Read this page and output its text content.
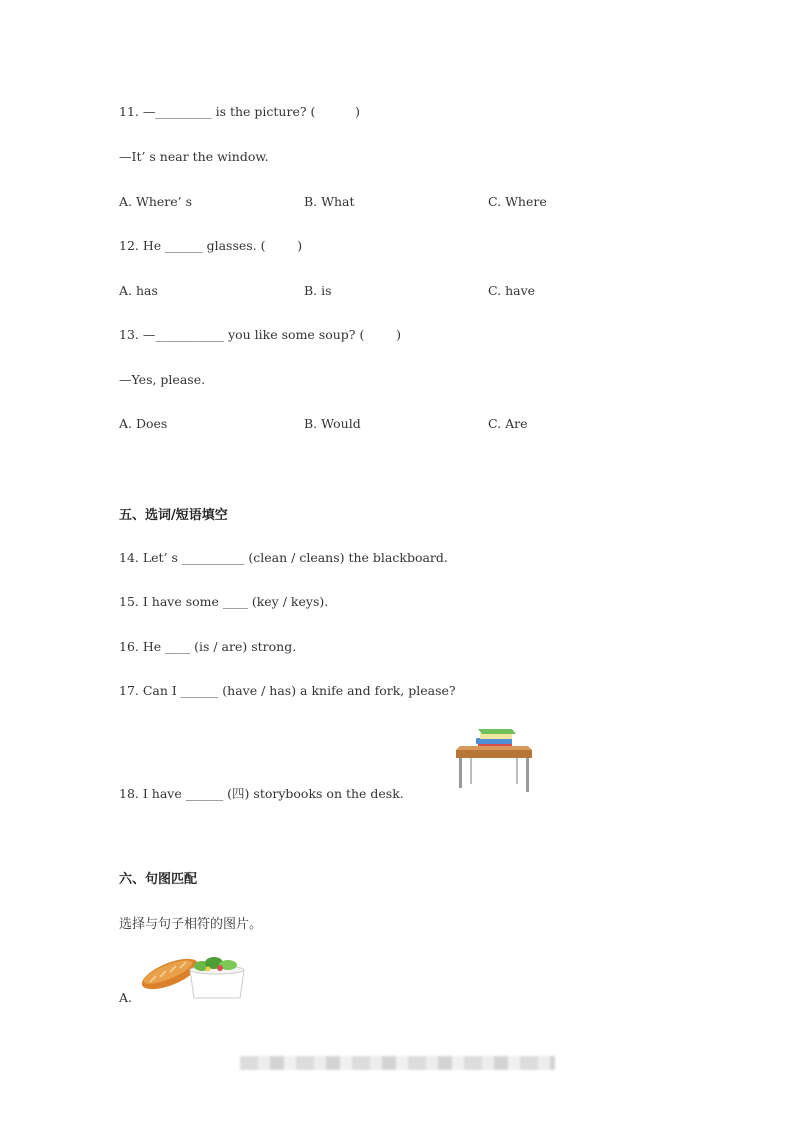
11. —_________ is the picture? (          )
—It’ s near the window.
A. Where’ s	B. What	C. Where
12. He ______ glasses. (        )
A. has	B. is	C. have
13. —___________ you like some soup? (        )
—Yes, please.
A. Does	B. Would	C. Are
五、选词/短语填空
14. Let’ s __________ (clean / cleans) the blackboard.
15. I have some ____ (key / keys).
16. He ____ (is / are) strong.
17. Can I ______ (have / has) a knife and fork, please?
18. I have ______ (四) storybooks on the desk.
六、句图匹配
选择与句子相符的图片。
A.
